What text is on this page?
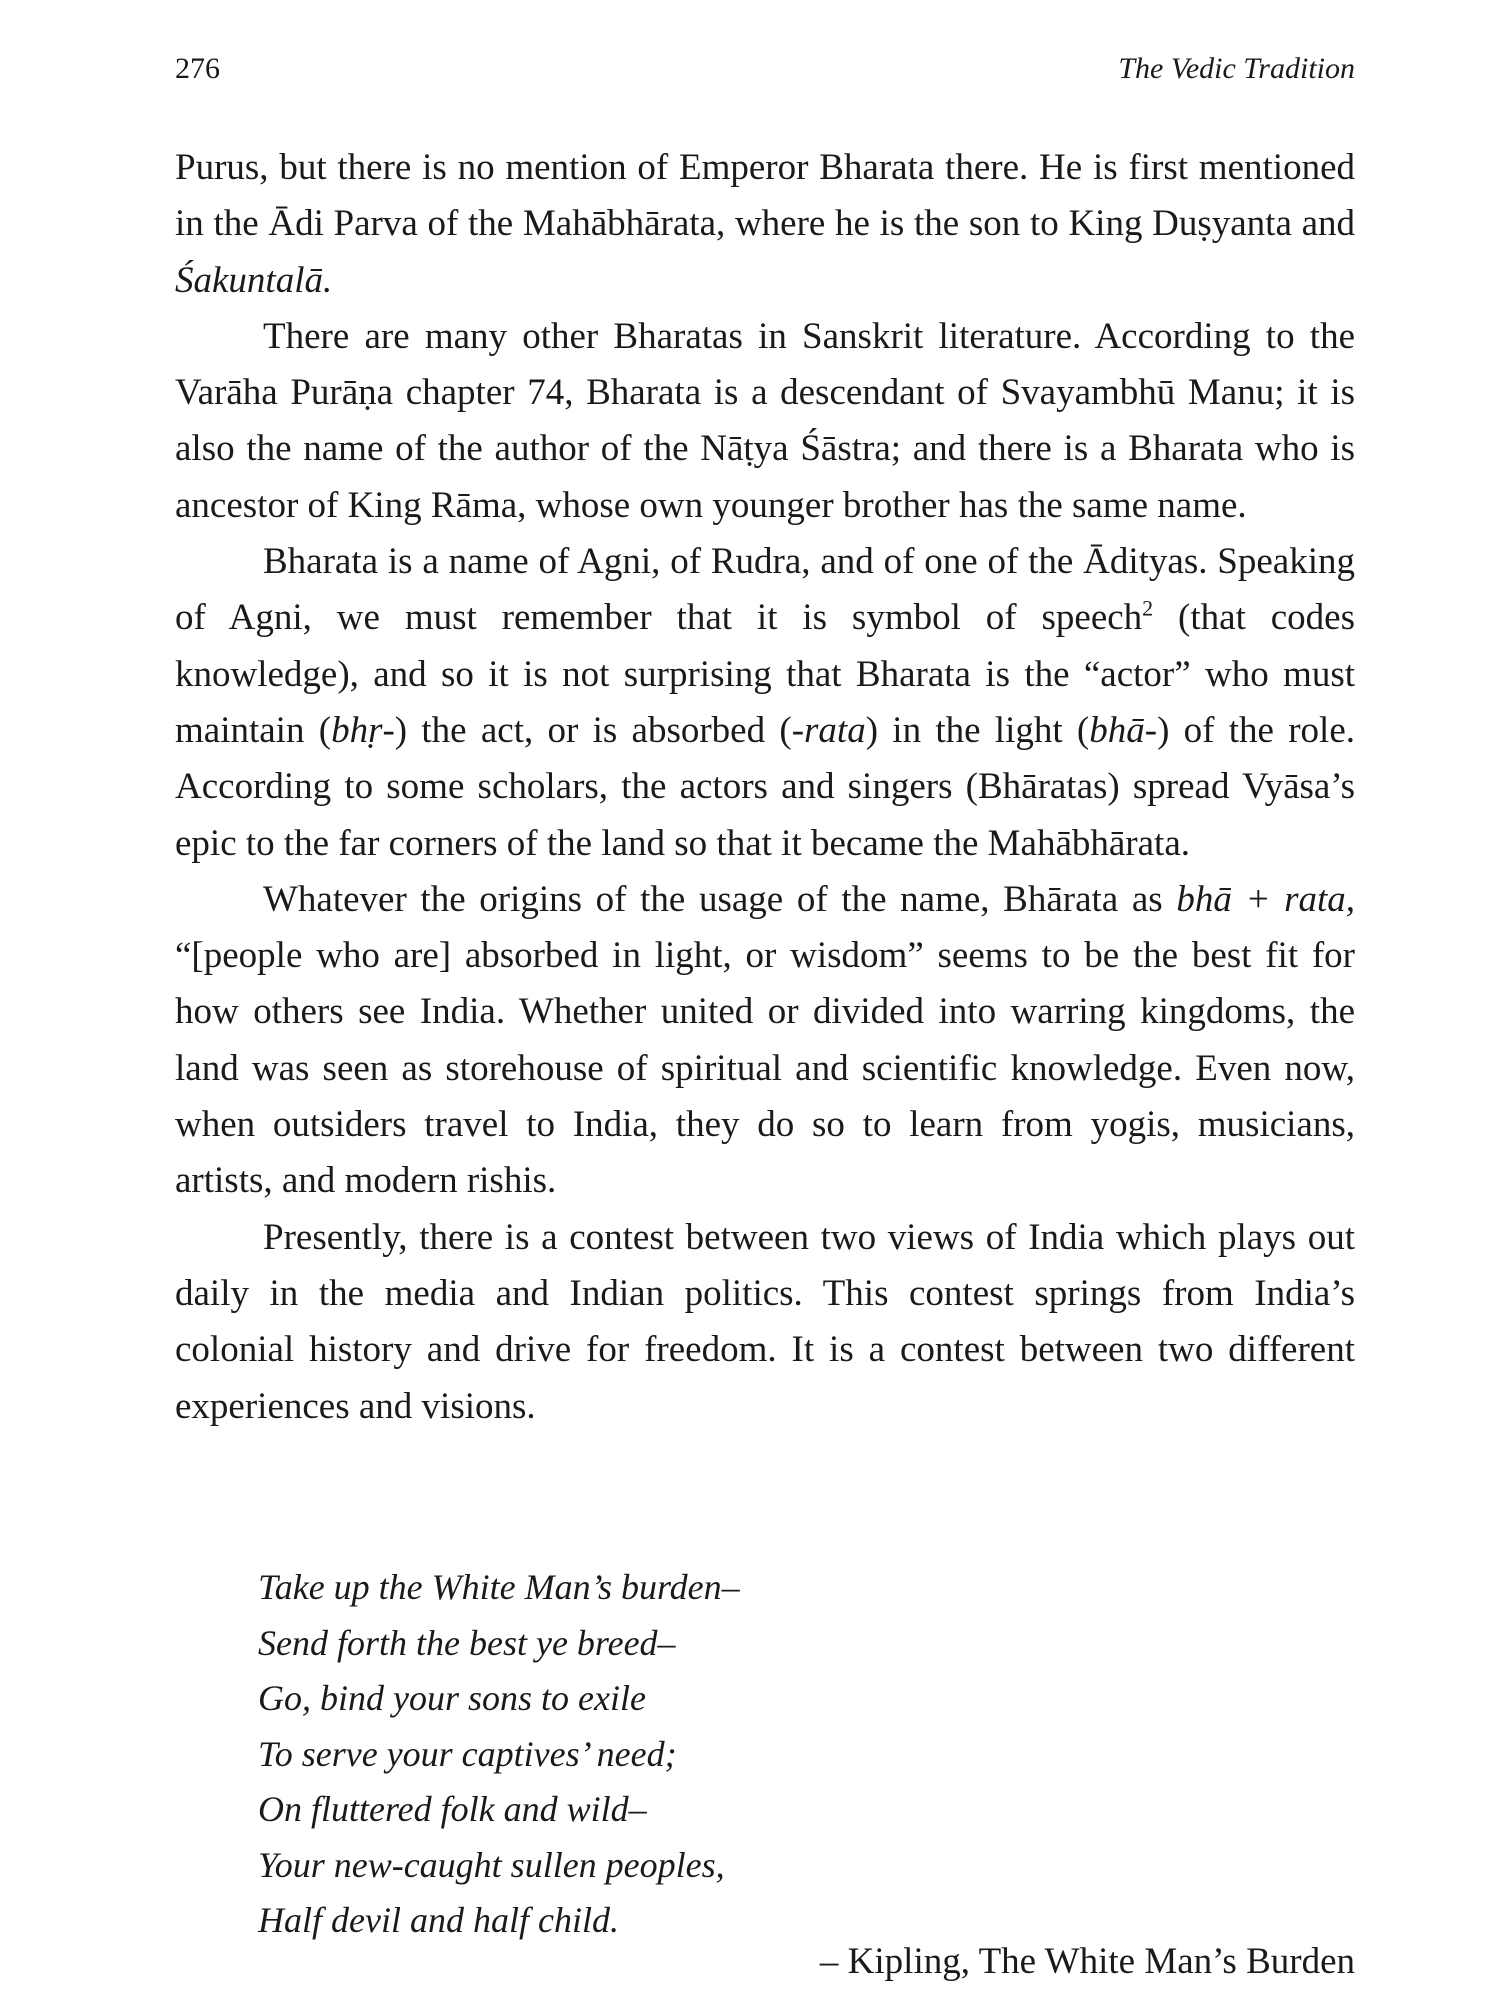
276	The Vedic Tradition

Purus, but there is no mention of Emperor Bharata there. He is first mentioned in the Ādi Parva of the Mahābhārata, where he is the son to King Duṣyanta and Śakuntalā.

There are many other Bharatas in Sanskrit literature. According to the Varāha Purāṇa chapter 74, Bharata is a descendant of Svayambhū Manu; it is also the name of the author of the Nāṭya Śāstra; and there is a Bharata who is ancestor of King Rāma, whose own younger brother has the same name.

Bharata is a name of Agni, of Rudra, and of one of the Ādityas. Speaking of Agni, we must remember that it is symbol of speech$^2$ (that codes knowledge), and so it is not surprising that Bharata is the “actor” who must maintain (bhṛ-) the act, or is absorbed (-rata) in the light (bhā-) of the role. According to some scholars, the actors and singers (Bhāratas) spread Vyāsa’s epic to the far corners of the land so that it became the Mahābhārata.

Whatever the origins of the usage of the name, Bhārata as bhā + rata, “[people who are] absorbed in light, or wisdom” seems to be the best fit for how others see India. Whether united or divided into warring kingdoms, the land was seen as storehouse of spiritual and scientific knowledge. Even now, when outsiders travel to India, they do so to learn from yogis, musicians, artists, and modern rishis.

Presently, there is a contest between two views of India which plays out daily in the media and Indian politics. This contest springs from India’s colonial history and drive for freedom. It is a contest between two different experiences and visions.

Take up the White Man’s burden–
Send forth the best ye breed–
Go, bind your sons to exile
To serve your captives’ need;
On fluttered folk and wild–
Your new-caught sullen peoples,
Half devil and half child.
– Kipling, The White Man’s Burden
